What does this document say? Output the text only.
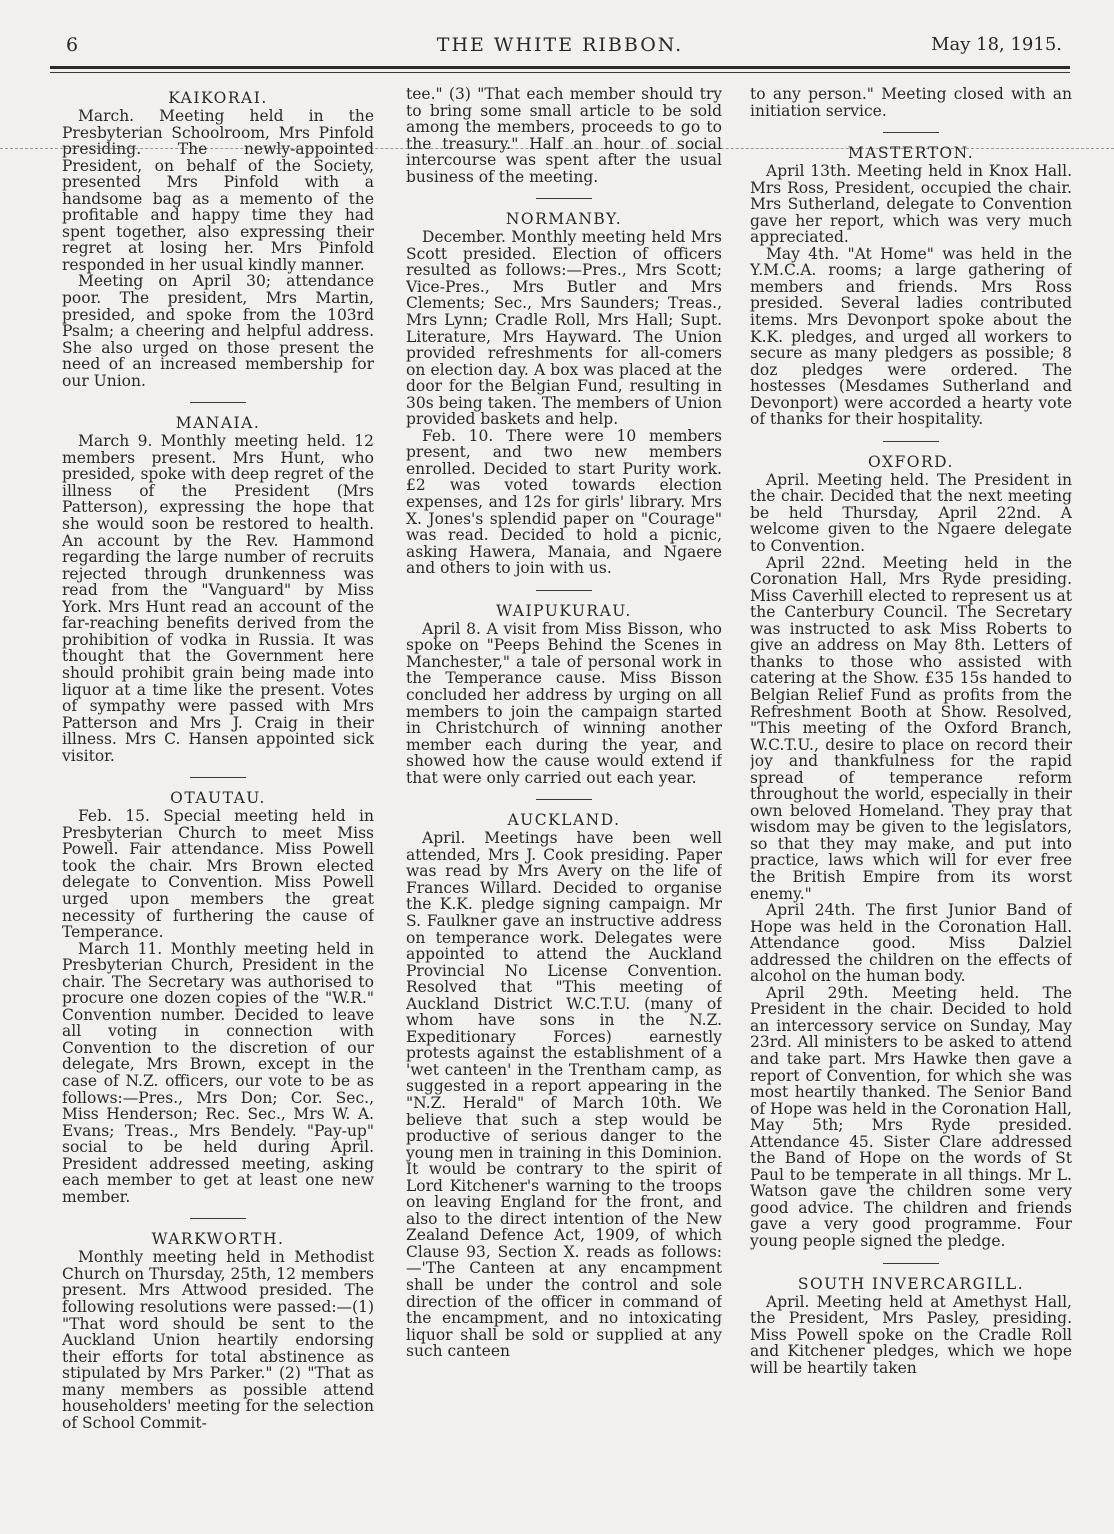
6	THE WHITE RIBBON.	May 18, 1915.
KAIKORAI.

March. Meeting held in the Presbyterian Schoolroom, Mrs Pinfold presiding. The newly-appointed President, on behalf of the Society, presented Mrs Pinfold with a handsome bag as a memento of the profitable and happy time they had spent together, also expressing their regret at losing her. Mrs Pinfold responded in her usual kindly manner.

Meeting on April 30; attendance poor. The president, Mrs Martin, presided, and spoke from the 103rd Psalm; a cheering and helpful address. She also urged on those present the need of an increased membership for our Union.

MANAIA.

March 9. Monthly meeting held. 12 members present. Mrs Hunt, who presided, spoke with deep regret of the illness of the President (Mrs Patterson), expressing the hope that she would soon be restored to health. An account by the Rev. Hammond regarding the large number of recruits rejected through drunkenness was read from the "Vanguard" by Miss York. Mrs Hunt read an account of the far-reaching benefits derived from the prohibition of vodka in Russia. It was thought that the Government here should prohibit grain being made into liquor at a time like the present. Votes of sympathy were passed with Mrs Patterson and Mrs J. Craig in their illness. Mrs C. Hansen appointed sick visitor.

OTAUTAU.

Feb. 15. Special meeting held in Presbyterian Church to meet Miss Powell. Fair attendance. Miss Powell took the chair. Mrs Brown elected delegate to Convention. Miss Powell urged upon members the great necessity of furthering the cause of Temperance.

March 11. Monthly meeting held in Presbyterian Church, President in the chair. The Secretary was authorised to procure one dozen copies of the "W.R." Convention number. Decided to leave all voting in connection with Convention to the discretion of our delegate, Mrs Brown, except in the case of N.Z. officers, our vote to be as follows:—Pres., Mrs Don; Cor. Sec., Miss Henderson; Rec. Sec., Mrs W. A. Evans; Treas., Mrs Bendely. "Pay-up" social to be held during April. President addressed meeting, asking each member to get at least one new member.

WARKWORTH.

Monthly meeting held in Methodist Church on Thursday, 25th, 12 members present. Mrs Attwood presided. The following resolutions were passed:—(1) "That word should be sent to the Auckland Union heartily endorsing their efforts for total abstinence as stipulated by Mrs Parker." (2) "That as many members as possible attend householders' meeting for the selection of School Commit-

tee." (3) "That each member should try to bring some small article to be sold among the members, proceeds to go to the treasury." Half an hour of social intercourse was spent after the usual business of the meeting.

NORMANBY.

December. Monthly meeting held Mrs Scott presided. Election of officers resulted as follows:—Pres., Mrs Scott; Vice-Pres., Mrs Butler and Mrs Clements; Sec., Mrs Saunders; Treas., Mrs Lynn; Cradle Roll, Mrs Hall; Supt. Literature, Mrs Hayward. The Union provided refreshments for all-comers on election day. A box was placed at the door for the Belgian Fund, resulting in 30s being taken. The members of Union provided baskets and help.

Feb. 10. There were 10 members present, and two new members enrolled. Decided to start Purity work. £2 was voted towards election expenses, and 12s for girls' library. Mrs X. Jones's splendid paper on "Courage" was read. Decided to hold a picnic, asking Hawera, Manaia, and Ngaere and others to join with us.

WAIPUKURAU.

April 8. A visit from Miss Bisson, who spoke on "Peeps Behind the Scenes in Manchester," a tale of personal work in the Temperance cause. Miss Bisson concluded her address by urging on all members to join the campaign started in Christchurch of winning another member each during the year, and showed how the cause would extend if that were only carried out each year.

AUCKLAND.

April. Meetings have been well attended, Mrs J. Cook presiding. Paper was read by Mrs Avery on the life of Frances Willard. Decided to organise the K.K. pledge signing campaign. Mr S. Faulkner gave an instructive address on temperance work. Delegates were appointed to attend the Auckland Provincial No License Convention. Resolved that "This meeting of Auckland District W.C.T.U. (many of whom have sons in the N.Z. Expeditionary Forces) earnestly protests against the establishment of a 'wet canteen' in the Trentham camp, as suggested in a report appearing in the "N.Z. Herald" of March 10th. We believe that such a step would be productive of serious danger to the young men in training in this Dominion. It would be contrary to the spirit of Lord Kitchener's warning to the troops on leaving England for the front, and also to the direct intention of the New Zealand Defence Act, 1909, of which Clause 93, Section X. reads as follows:—'The Canteen at any encampment shall be under the control and sole direction of the officer in command of the encampment, and no intoxicating liquor shall be sold or supplied at any such canteen

to any person." Meeting closed with an initiation service.

MASTERTON.

April 13th. Meeting held in Knox Hall. Mrs Ross, President, occupied the chair. Mrs Sutherland, delegate to Convention gave her report, which was very much appreciated.

May 4th. "At Home" was held in the Y.M.C.A. rooms; a large gathering of members and friends. Mrs Ross presided. Several ladies contributed items. Mrs Devonport spoke about the K.K. pledges, and urged all workers to secure as many pledgers as possible; 8 doz pledges were ordered. The hostesses (Mesdames Sutherland and Devonport) were accorded a hearty vote of thanks for their hospitality.

OXFORD.

April. Meeting held. The President in the chair. Decided that the next meeting be held Thursday, April 22nd. A welcome given to the Ngaere delegate to Convention.

April 22nd. Meeting held in the Coronation Hall, Mrs Ryde presiding. Miss Caverhill elected to represent us at the Canterbury Council. The Secretary was instructed to ask Miss Roberts to give an address on May 8th. Letters of thanks to those who assisted with catering at the Show. £35 15s handed to Belgian Relief Fund as profits from the Refreshment Booth at Show. Resolved, "This meeting of the Oxford Branch, W.C.T.U., desire to place on record their joy and thankfulness for the rapid spread of temperance reform throughout the world, especially in their own beloved Homeland. They pray that wisdom may be given to the legislators, so that they may make, and put into practice, laws which will for ever free the British Empire from its worst enemy."

April 24th. The first Junior Band of Hope was held in the Coronation Hall. Attendance good. Miss Dalziel addressed the children on the effects of alcohol on the human body.

April 29th. Meeting held. The President in the chair. Decided to hold an intercessory service on Sunday, May 23rd. All ministers to be asked to attend and take part. Mrs Hawke then gave a report of Convention, for which she was most heartily thanked. The Senior Band of Hope was held in the Coronation Hall, May 5th; Mrs Ryde presided. Attendance 45. Sister Clare addressed the Band of Hope on the words of St Paul to be temperate in all things. Mr L. Watson gave the children some very good advice. The children and friends gave a very good programme. Four young people signed the pledge.

SOUTH INVERCARGILL.

April. Meeting held at Amethyst Hall, the President, Mrs Pasley, presiding. Miss Powell spoke on the Cradle Roll and Kitchener pledges, which we hope will be heartily taken
